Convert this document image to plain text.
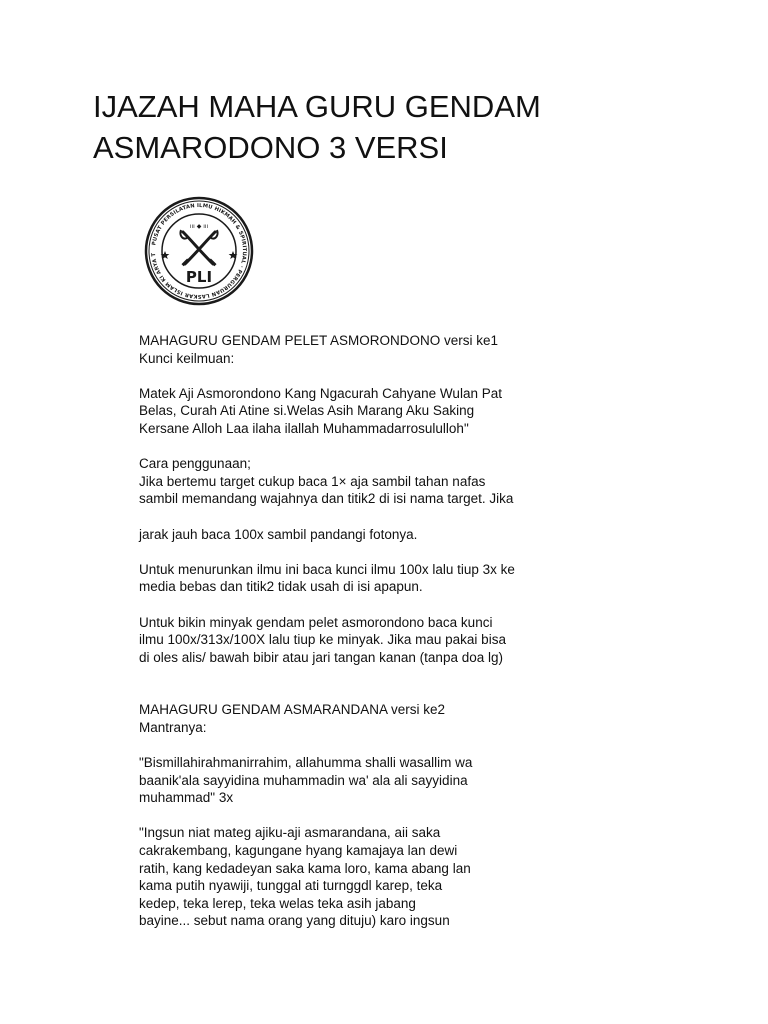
IJAZAH MAHA GURU GENDAM
ASMARODONO 3 VERSI
PUSAT PERSILATAN ILMU HIKMAH & SPIRITUAL · PERGURUAN LASKAR ISLAM KI ARYA T
ııı ◆ ııı
PLI

MAHAGURU GENDAM PELET ASMORONDONO versi ke1

Kunci keilmuan:

Matek Aji Asmorondono Kang Ngacurah Cahyane Wulan Pat

Belas, Curah Ati Atine si.Welas Asih Marang Aku Saking

Kersane Alloh Laa ilaha ilallah Muhammadarrosululloh"

Cara penggunaan;

Jika bertemu target cukup baca 1× aja sambil tahan nafas

sambil memandang wajahnya dan titik2 di isi nama target. Jika

jarak jauh baca 100x sambil pandangi fotonya.

Untuk menurunkan ilmu ini baca kunci ilmu 100x lalu tiup 3x ke

media bebas dan titik2 tidak usah di isi apapun.

Untuk bikin minyak gendam pelet asmorondono baca kunci

ilmu 100x/313x/100X lalu tiup ke minyak. Jika mau pakai bisa

di oles alis/ bawah bibir atau jari tangan kanan (tanpa doa lg)

MAHAGURU GENDAM ASMARANDANA versi ke2

Mantranya:

"Bismillahirahmanirrahim, allahumma shalli wasallim wa

baanik'ala sayyidina muhammadin wa' ala ali sayyidina

muhammad" 3x

"Ingsun niat mateg ajiku-aji asmarandana, aii saka

cakrakembang, kagungane hyang kamajaya lan dewi

ratih, kang kedadeyan saka kama loro, kama abang lan

kama putih nyawiji, tunggal ati turnggdl karep, teka

kedep, teka lerep, teka welas teka asih jabang

bayine... sebut nama orang yang dituju) karo ingsun
